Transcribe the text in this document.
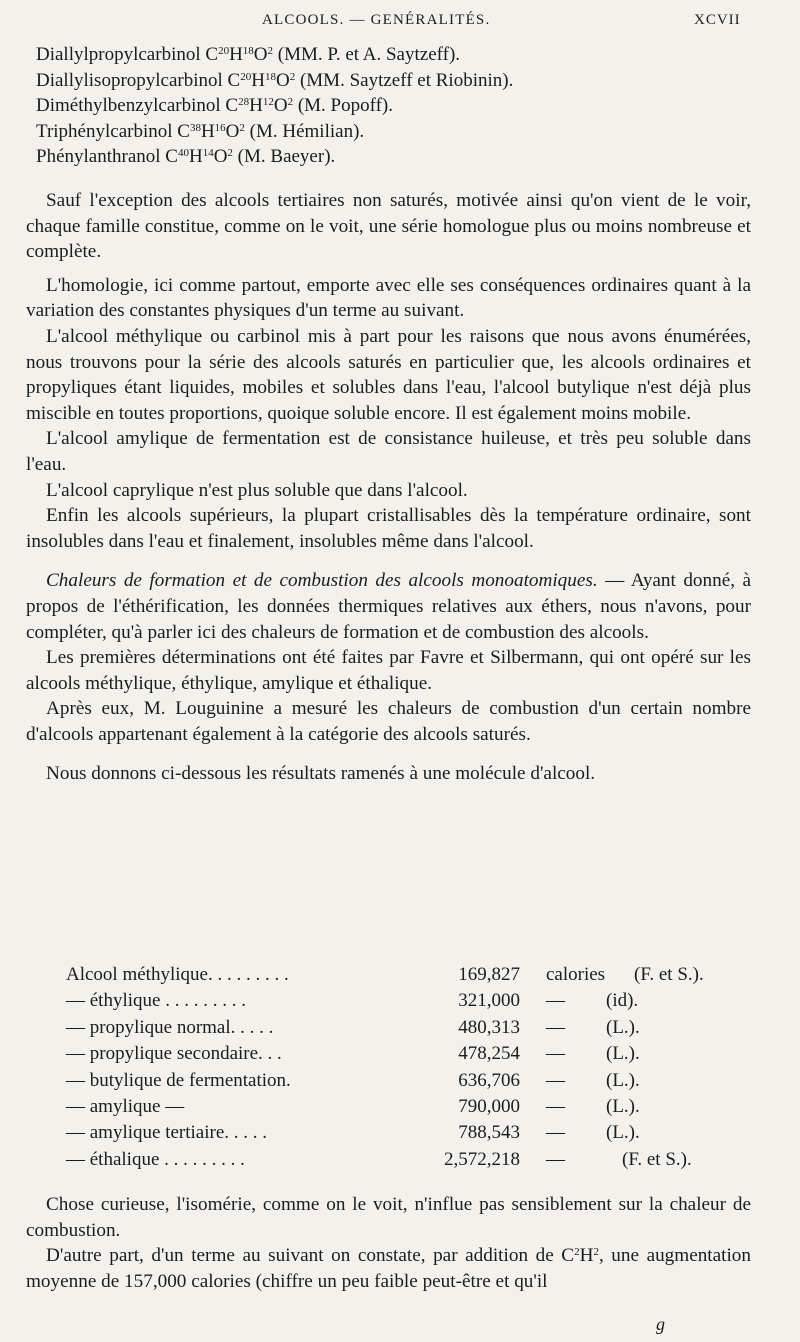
ALCOOLS. — GENÉRALITÉS.	XCVII
Diallylpropylcarbinol $C^{20}H^{18}O^2$ (MM. P. et A. Saytzeff).
Diallylisopropylcarbinol $C^{20}H^{18}O^2$ (MM. Saytzeff et Riobinin).
Diméthylbenzylcarbinol $C^{28}H^{12}O^2$ (M. Popoff).
Triphénylcarbinol $C^{38}H^{16}O^2$ (M. Hémilian).
Phénylanthranol $C^{40}H^{14}O^2$ (M. Baeyer).

Sauf l'exception des alcools tertiaires non saturés, motivée ainsi qu'on vient de le voir, chaque famille constitue, comme on le voit, une série homologue plus ou moins nombreuse et complète.

L'homologie, ici comme partout, emporte avec elle ses conséquences ordinaires quant à la variation des constantes physiques d'un terme au suivant.

L'alcool méthylique ou carbinol mis à part pour les raisons que nous avons énumérées, nous trouvons pour la série des alcools saturés en particulier que, les alcools ordinaires et propyliques étant liquides, mobiles et solubles dans l'eau, l'alcool butylique n'est déjà plus miscible en toutes proportions, quoique soluble encore. Il est également moins mobile.

L'alcool amylique de fermentation est de consistance huileuse, et très peu soluble dans l'eau.

L'alcool caprylique n'est plus soluble que dans l'alcool.

Enfin les alcools supérieurs, la plupart cristallisables dès la température ordinaire, sont insolubles dans l'eau et finalement, insolubles même dans l'alcool.

Chaleurs de formation et de combustion des alcools monoatomiques. — Ayant donné, à propos de l'éthérification, les données thermiques relatives aux éthers, nous n'avons, pour compléter, qu'à parler ici des chaleurs de formation et de combustion des alcools.

Les premières déterminations ont été faites par Favre et Silbermann, qui ont opéré sur les alcools méthylique, éthylique, amylique et éthalique.

Après eux, M. Louguinine a mesuré les chaleurs de combustion d'un certain nombre d'alcools appartenant également à la catégorie des alcools saturés.

Nous donnons ci-dessous les résultats ramenés à une molécule d'alcool.

Alcool méthylique. . . . . . . . .	169,827 calories (F. et S.).
— éthylique . . . . . . . . .	321,000 — (id).
— propylique normal. . . . .	480,313 — (L.).
— propylique secondaire. . .	478,254 — (L.).
— butylique de fermentation.	636,706 — (L.).
— amylique —	790,000 — (L.).
— amylique tertiaire. . . . .	788,543 — (L.).
— éthalique . . . . . . . . .	2,572,218 —	(F. et S.).

Chose curieuse, l'isomérie, comme on le voit, n'influe pas sensiblement sur la chaleur de combustion.

D'autre part, d'un terme au suivant on constate, par addition de $C^2H^2$, une augmentation moyenne de 157,000 calories (chiffre un peu faible peut-être et qu'il

g
